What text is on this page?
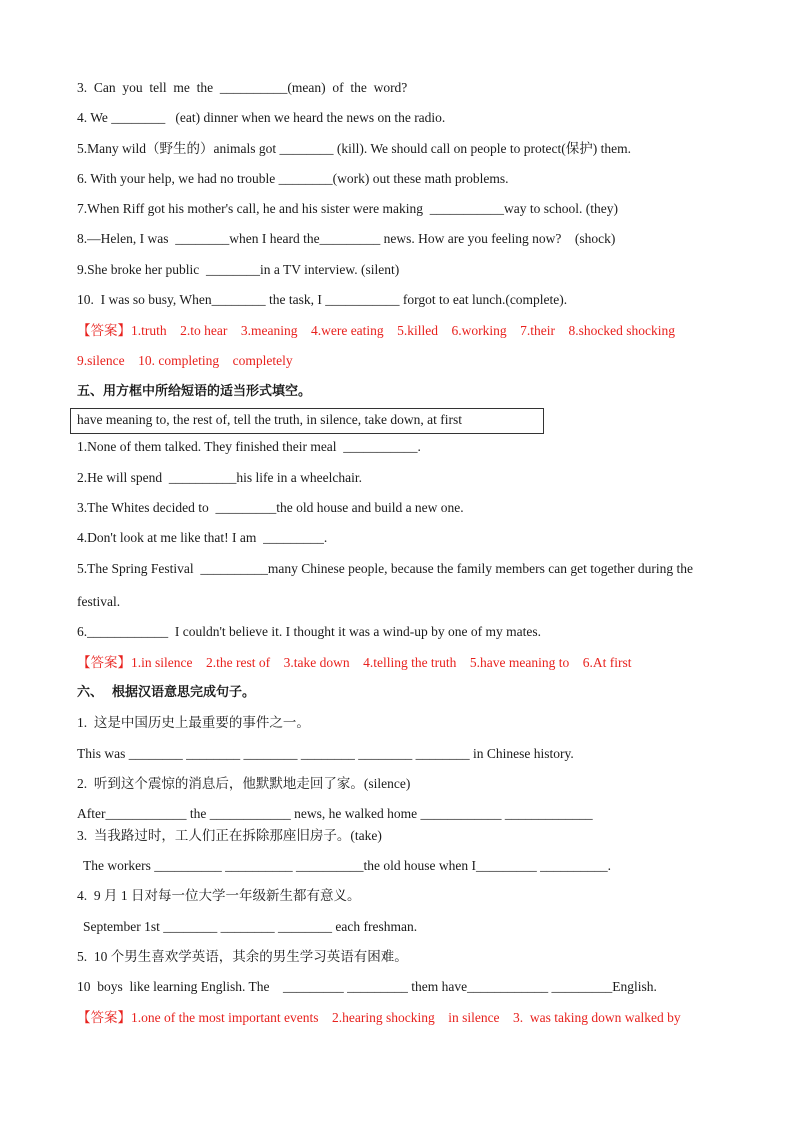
3.  Can  you  tell  me  the  __________(mean)  of  the  word?
4. We ________   (eat) dinner when we heard the news on the radio.
5.Many wild（野生的）animals got ________ (kill). We should call on people to protect(保护) them.
6. With your help, we had no trouble ________(work) out these math problems.
7.When Riff got his mother's call, he and his sister were making  ___________way to school. (they)
8.—Helen, I was  ________when I heard the_________ news. How are you feeling now?    (shock)
9.She broke her public  ________in a TV interview. (silent)
10.  I was so busy, When________ the task, I ___________ forgot to eat lunch.(complete).
【答案】1.truth    2.to hear    3.meaning    4.were eating    5.killed    6.working    7.their    8.shocked shocking
9.silence    10. completing    completely
五、用方框中所给短语的适当形式填空。
have meaning to, the rest of, tell the truth, in silence, take down, at first
1.None of them talked. They finished their meal  ___________.
2.He will spend  __________his life in a wheelchair.
3.The Whites decided to  _________the old house and build a new one.
4.Don't look at me like that! I am  _________.
5.The Spring Festival  __________many Chinese people, because the family members can get together during the
festival.
6.____________  I couldn't believe it. I thought it was a wind-up by one of my mates.
【答案】1.in silence    2.the rest of    3.take down    4.telling the truth    5.have meaning to    6.At first
六、  根据汉语意思完成句子。
1.  这是中国历史上最重要的事件之一。
This was ________ ________ ________ ________ ________ ________ in Chinese history.
2.  听到这个震惊的消息后，他默默地走回了家。(silence)
After____________ the ____________ news, he walked home ____________ _____________
3.  当我路过时，工人们正在拆除那座旧房子。(take)
The workers __________ __________ __________the old house when I_________ __________.
4.  9 月 1 日对每一位大学一年级新生都有意义。
September 1st ________ ________ ________ each freshman.
5.  10 个男生喜欢学英语，其余的男生学习英语有困难。
10  boys  like learning English. The    _________ _________ them have____________ _________English.
【答案】1.one of the most important events    2.hearing shocking    in silence    3.  was taking down walked by
